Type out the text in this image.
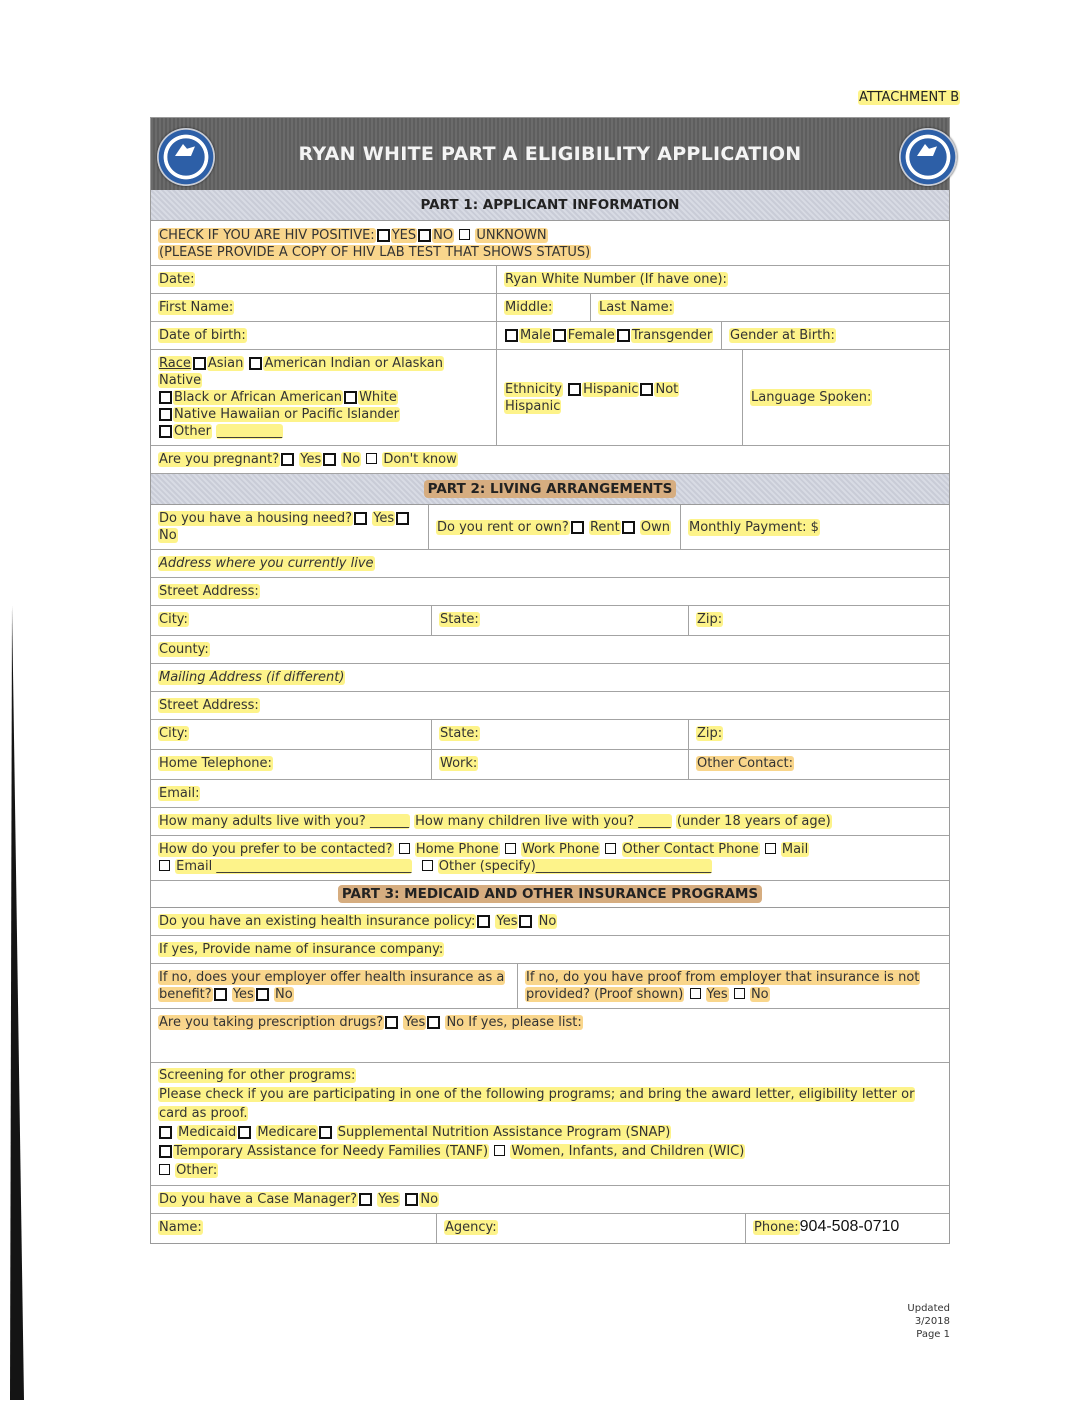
ATTACHMENT B
RYAN WHITE PART A ELIGIBILITY APPLICATION
PART 1: APPLICANT INFORMATION
CHECK IF YOU ARE HIV POSITIVE: YES NO UNKNOWN
(PLEASE PROVIDE A COPY OF HIV LAB TEST THAT SHOWS STATUS)
Date:	Ryan White Number (If have one):
First Name:	Middle:	Last Name:
Date of birth:	Male Female Transgender	Gender at Birth:
Race Asian American Indian or Alaskan Native
Black or African American White
Native Hawaiian or Pacific Islander
Other __________
Ethnicity Hispanic Not Hispanic
Language Spoken:
Are you pregnant? Yes No Don't know
PART 2: LIVING ARRANGEMENTS
Do you have a housing need? Yes
No
Do you rent or own? Rent Own Monthly Payment: $
Address where you currently live
Street Address:
City:	State:	Zip:
County:
Mailing Address (if different)
Street Address:
City:	State:	Zip:
Home Telephone:	Work:	Other Contact:
Email:
How many adults live with you? ______ How many children live with you? _____ (under 18 years of age)
How do you prefer to be contacted? Home Phone Work Phone Other Contact Phone Mail
Email ______________________________ Other (specify)___________________________
PART 3: MEDICAID AND OTHER INSURANCE PROGRAMS
Do you have an existing health insurance policy: Yes No
If yes, Provide name of insurance company:
If no, does your employer offer health insurance as a benefit? Yes No
If no, do you have proof from employer that insurance is not provided? (Proof shown) Yes No
Are you taking prescription drugs? Yes No If yes, please list:
Screening for other programs:
Please check if you are participating in one of the following programs; and bring the award letter, eligibility letter or card as proof.
Medicaid Medicare Supplemental Nutrition Assistance Program (SNAP)
Temporary Assistance for Needy Families (TANF) Women, Infants, and Children (WIC)
Other:
Do you have a Case Manager? Yes No
Name:	Agency:	Phone:904-508-0710
Updated 3/2018
Page 1
